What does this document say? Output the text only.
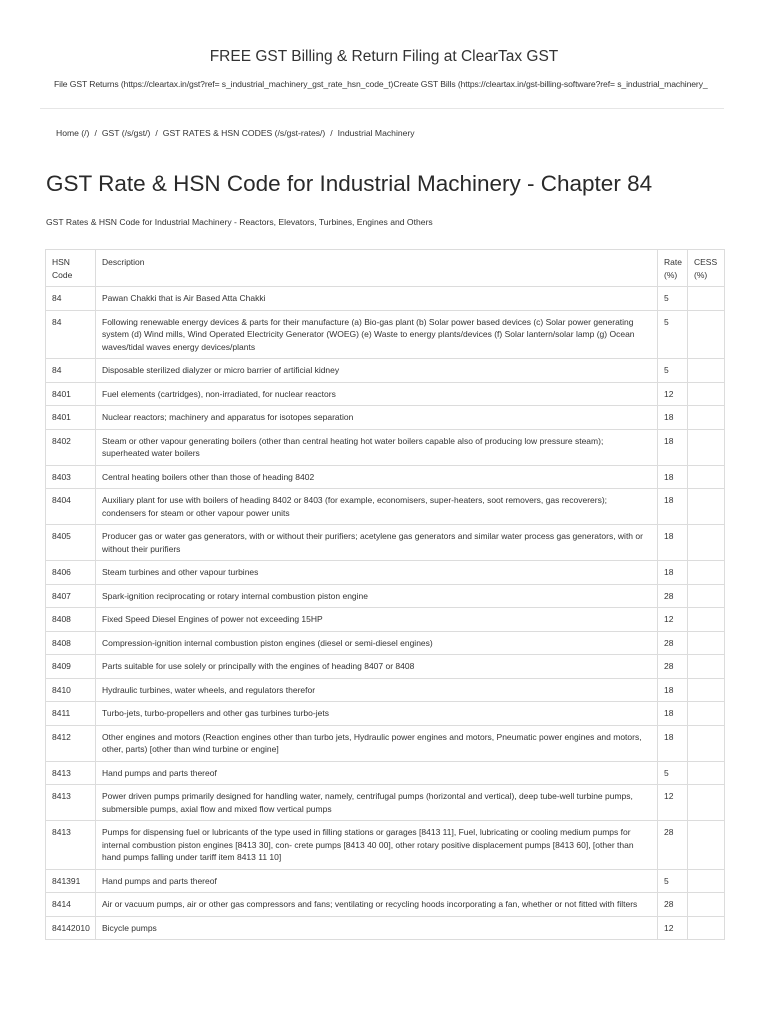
FREE GST Billing & Return Filing at ClearTax GST
File GST Returns (https://cleartax.in/gst?ref= s_industrial_machinery_gst_rate_hsn_code_t)Create GST Bills (https://cleartax.in/gst-billing-software?ref= s_industrial_machinery_
Home (/) / GST (/s/gst/) / GST RATES & HSN CODES (/s/gst-rates/) / Industrial Machinery
GST Rate & HSN Code for Industrial Machinery - Chapter 84
GST Rates & HSN Code for Industrial Machinery - Reactors, Elevators, Turbines, Engines and Others
HSN Code	Description	Rate (%)	CESS (%)
84	Pawan Chakki that is Air Based Atta Chakki	5	
84	Following renewable energy devices & parts for their manufacture (a) Bio-gas plant (b) Solar power based devices (c) Solar power generating system (d) Wind mills, Wind Operated Electricity Generator (WOEG) (e) Waste to energy plants/devices (f) Solar lantern/solar lamp (g) Ocean waves/tidal waves energy devices/plants	5	
84	Disposable sterilized dialyzer or micro barrier of artificial kidney	5	
8401	Fuel elements (cartridges), non-irradiated, for nuclear reactors	12	
8401	Nuclear reactors; machinery and apparatus for isotopes separation	18	
8402	Steam or other vapour generating boilers (other than central heating hot water boilers capable also of producing low pressure steam); superheated water boilers	18	
8403	Central heating boilers other than those of heading 8402	18	
8404	Auxiliary plant for use with boilers of heading 8402 or 8403 (for example, economisers, super-heaters, soot removers, gas recoverers); condensers for steam or other vapour power units	18	
8405	Producer gas or water gas generators, with or without their purifiers; acetylene gas generators and similar water process gas generators, with or without their purifiers	18	
8406	Steam turbines and other vapour turbines	18	
8407	Spark-ignition reciprocating or rotary internal combustion piston engine	28	
8408	Fixed Speed Diesel Engines of power not exceeding 15HP	12	
8408	Compression-ignition internal combustion piston engines (diesel or semi-diesel engines)	28	
8409	Parts suitable for use solely or principally with the engines of heading 8407 or 8408	28	
8410	Hydraulic turbines, water wheels, and regulators therefor	18	
8411	Turbo-jets, turbo-propellers and other gas turbines turbo-jets	18	
8412	Other engines and motors (Reaction engines other than turbo jets, Hydraulic power engines and motors, Pneumatic power engines and motors, other, parts) [other than wind turbine or engine]	18	
8413	Hand pumps and parts thereof	5	
8413	Power driven pumps primarily designed for handling water, namely, centrifugal pumps (horizontal and vertical), deep tube-well turbine pumps, submersible pumps, axial flow and mixed flow vertical pumps	12	
8413	Pumps for dispensing fuel or lubricants of the type used in filling stations or garages [8413 11], Fuel, lubricating or cooling medium pumps for internal combustion piston engines [8413 30], con- crete pumps [8413 40 00], other rotary positive displacement pumps [8413 60], [other than hand pumps falling under tariff item 8413 11 10]	28	
841391	Hand pumps and parts thereof	5	
8414	Air or vacuum pumps, air or other gas compressors and fans; ventilating or recycling hoods incorporating a fan, whether or not fitted with filters	28	
84142010	Bicycle pumps	12	
